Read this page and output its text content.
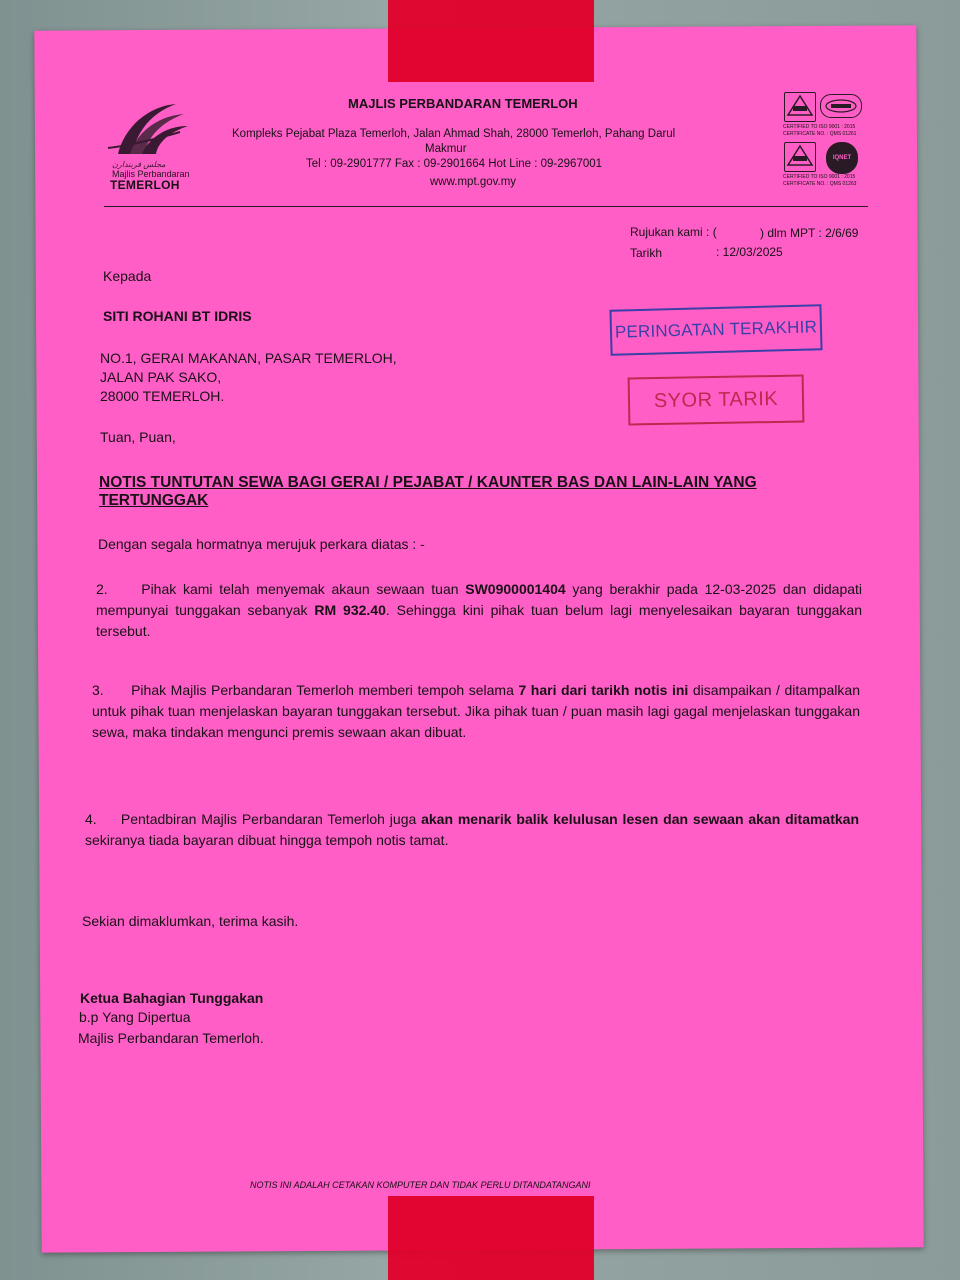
ﻣﺠﻠﺲ ﻓﺮﺑﻨﺪﺍﺭﻥ
Majlis Perbandaran
TEMERLOH
MAJLIS PERBANDARAN TEMERLOH
Kompleks Pejabat Plaza Temerloh, Jalan Ahmad Shah, 28000 Temerloh, Pahang Darul
Makmur
Tel : 09-2901777 Fax : 09-2901664 Hot Line : 09-2967001
www.mpt.gov.my
CERTIFIED TO ISO 9001 : 2015
CERTIFICATE NO. : QMS 01261
IQNET
CERTIFIED TO ISO 9001 : 2015
CERTIFICATE NO. : QMS 01263
Rujukan kami : (	) dlm MPT : 2/6/69
Tarikh	: 12/03/2025
Kepada
SITI ROHANI BT IDRIS
NO.1, GERAI MAKANAN, PASAR TEMERLOH,
JALAN PAK SAKO,
28000 TEMERLOH.
PERINGATAN TERAKHIR
SYOR TARIK
Tuan, Puan,
NOTIS TUNTUTAN SEWA BAGI GERAI / PEJABAT / KAUNTER BAS DAN LAIN-LAIN YANG
TERTUNGGAK
Dengan segala hormatnya merujuk perkara diatas : -
2. Pihak kami telah menyemak akaun sewaan tuan SW0900001404 yang berakhir pada 12-03-2025 dan didapati mempunyai tunggakan sebanyak RM 932.40. Sehingga kini pihak tuan belum lagi menyelesaikan bayaran tunggakan tersebut.
3. Pihak Majlis Perbandaran Temerloh memberi tempoh selama 7 hari dari tarikh notis ini disampaikan / ditampalkan untuk pihak tuan menjelaskan bayaran tunggakan tersebut. Jika pihak tuan / puan masih lagi gagal menjelaskan tunggakan sewa, maka tindakan mengunci premis sewaan akan dibuat.
4. Pentadbiran Majlis Perbandaran Temerloh juga akan menarik balik kelulusan lesen dan sewaan akan ditamatkan sekiranya tiada bayaran dibuat hingga tempoh notis tamat.
Sekian dimaklumkan, terima kasih.
Ketua Bahagian Tunggakan
b.p Yang Dipertua
Majlis Perbandaran Temerloh.
NOTIS INI ADALAH CETAKAN KOMPUTER DAN TIDAK PERLU DITANDATANGANI
